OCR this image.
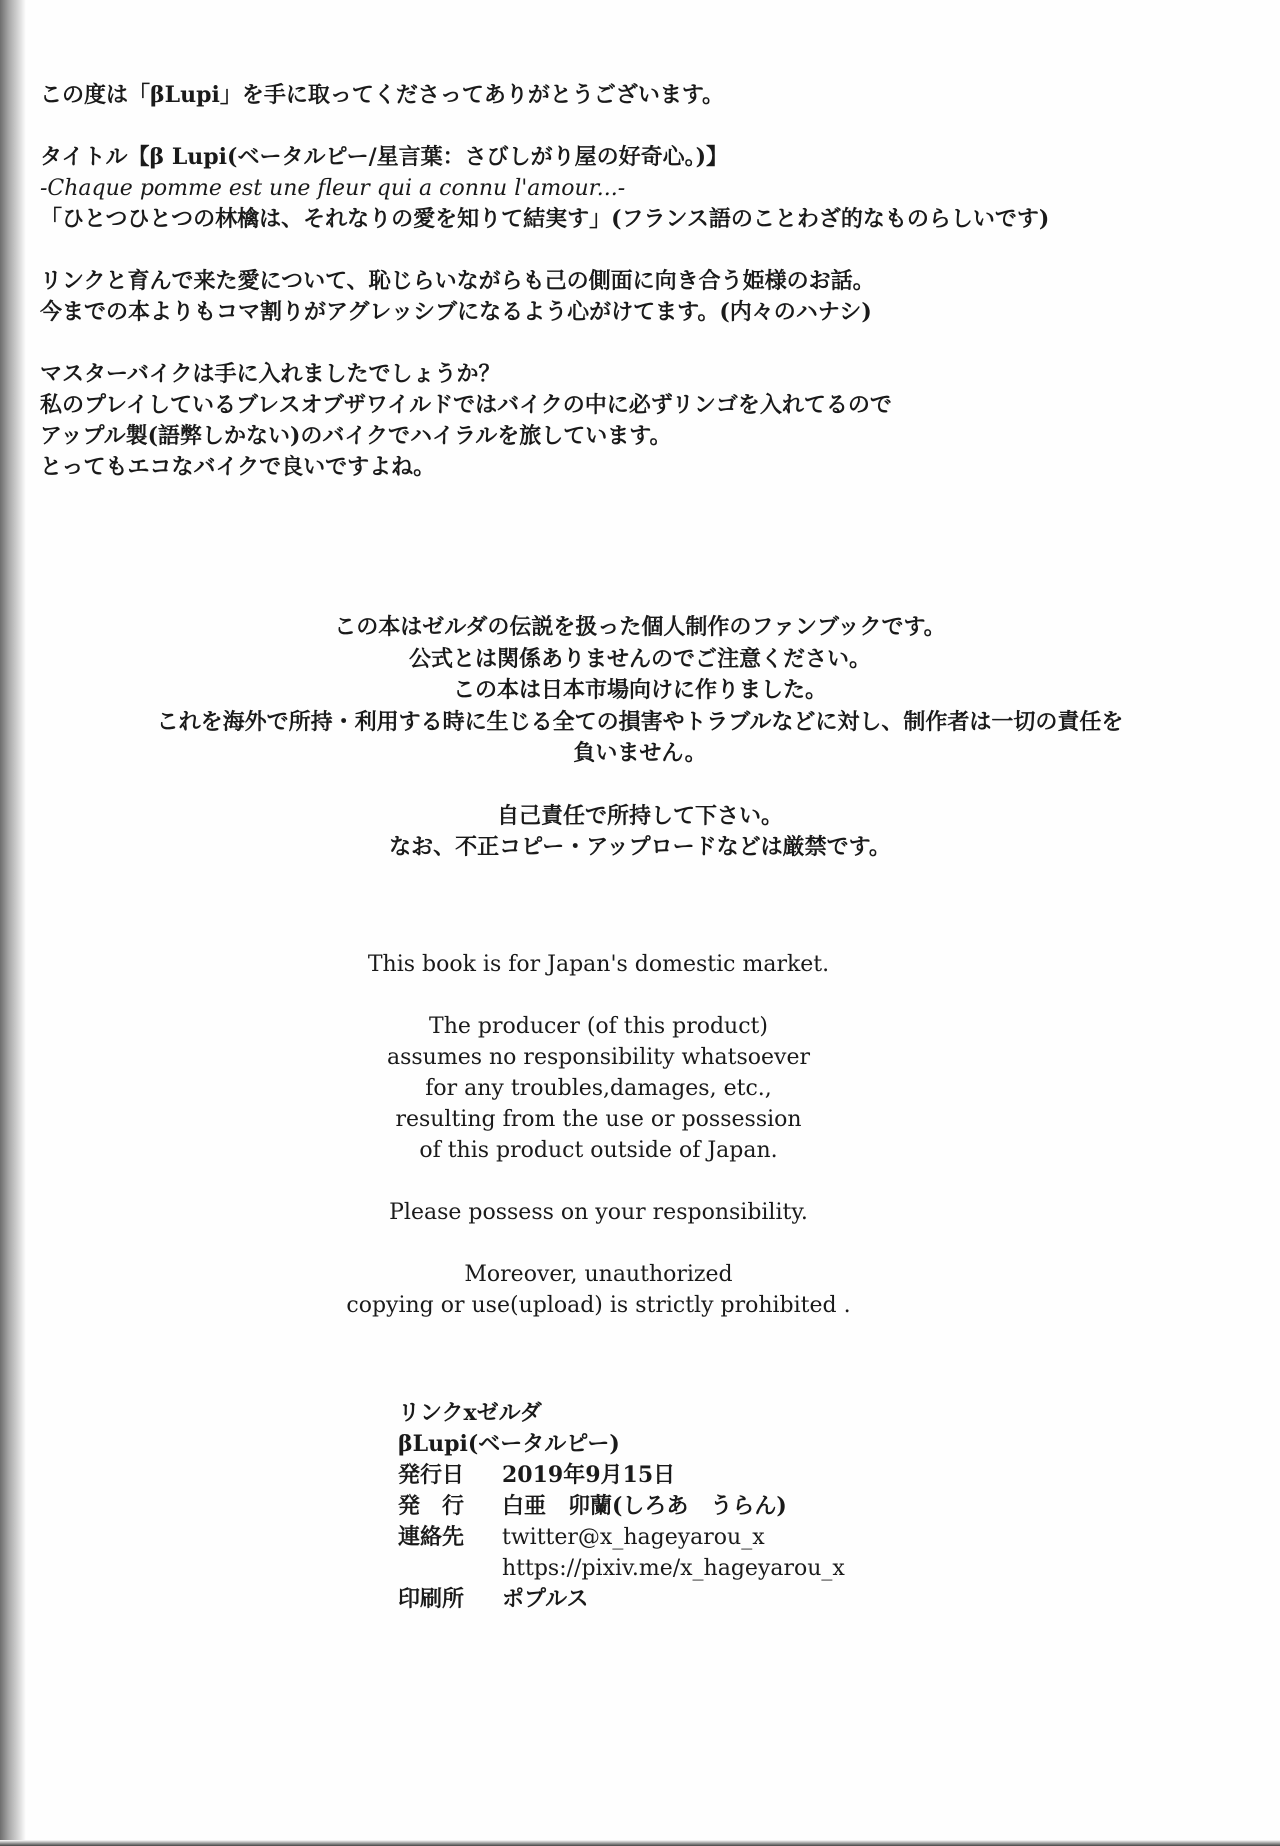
この度は「βLupi」を手に取ってくださってありがとうございます。

タイトル【β Lupi(ベータルピー/星言葉：さびしがり屋の好奇心。)】

-Chaque pomme est une fleur qui a connu l'amour...-

「ひとつひとつの林檎は、それなりの愛を知りて結実す」(フランス語のことわざ的なものらしいです)

リンクと育んで来た愛について、恥じらいながらも己の側面に向き合う姫様のお話。

今までの本よりもコマ割りがアグレッシブになるよう心がけてます。(内々のハナシ)

マスターバイクは手に入れましたでしょうか？

私のプレイしているブレスオブザワイルドではバイクの中に必ずリンゴを入れてるので

アップル製(語弊しかない)のバイクでハイラルを旅しています。

とってもエコなバイクで良いですよね。

この本はゼルダの伝説を扱った個人制作のファンブックです。

公式とは関係ありませんのでご注意ください。

この本は日本市場向けに作りました。

これを海外で所持・利用する時に生じる全ての損害やトラブルなどに対し、制作者は一切の責任を

負いません。

自己責任で所持して下さい。

なお、不正コピー・アップロードなどは厳禁です。

This book is for Japan's domestic market.

The producer (of this product)

assumes no responsibility whatsoever

for any troubles,damages, etc.,

resulting from the use or possession

of this product outside of Japan.

Please possess on your responsibility.

Moreover, unauthorized

copying or use(upload) is strictly prohibited .

リンクxゼルダ
βLupi(ベータルピー)
発行日	2019年9月15日
発　行	白亜　卯蘭(しろあ　うらん)
連絡先	twitter@x_hageyarou_x
https://pixiv.me/x_hageyarou_x
印刷所	ポプルス
